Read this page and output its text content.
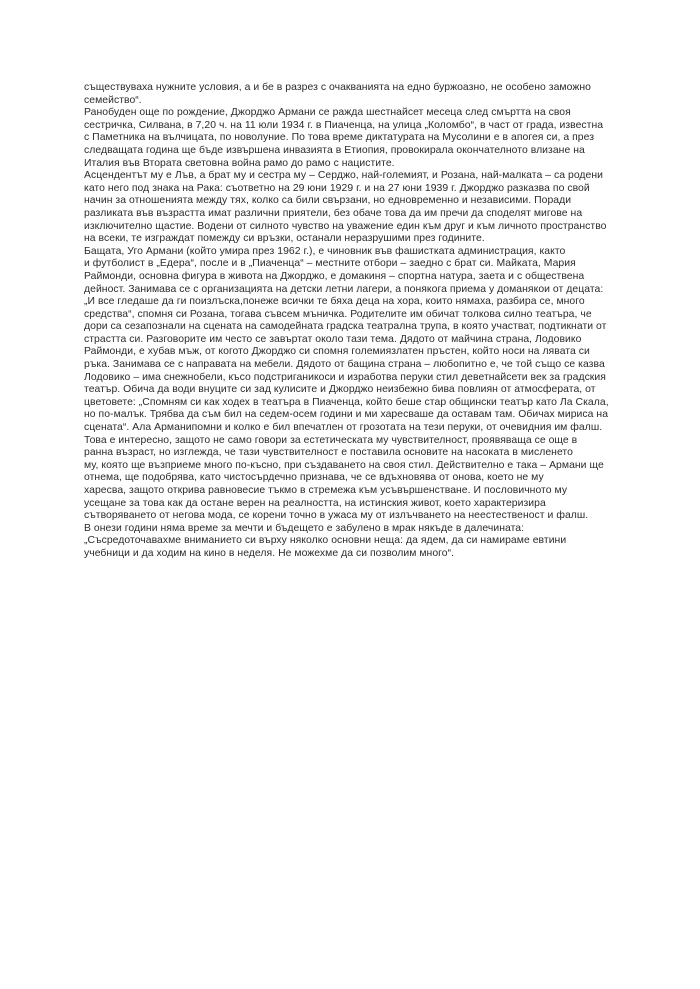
съществуваха нужните условия, а и бе в разрез с очакванията на едно буржоазно, не особено заможно
семейство“.
Ранобуден още по рождение, Джорджо Армани се ражда шестнайсет месеца след смъртта на своя
сестричка, Силвана, в 7,20 ч. на 11 юли 1934 г. в Пиаченца, на улица „Коломбо“, в част от града, известна
с Паметника на вълчицата, по новолуние. По това време диктатурата на Мусолини е в апогея си, а през
следващата година ще бъде извършена инвазията в Етиопия, провокирала окончателното влизане на
Италия във Втората световна война рамо до рамо с нацистите.
Асцендентът му е Лъв, а брат му и сестра му – Серджо, най-големият, и Розана, най-малката – са родени
като него под знака на Рака: съответно на 29 юни 1929 г. и на 27 юни 1939 г. Джорджо разказва по свой
начин за отношенията между тях, колко са били свързани, но едновременно и независими. Поради
разликата във възрастта имат различни приятели, без обаче това да им пречи да споделят мигове на
изключително щастие. Водени от силното чувство на уважение един към друг и към личното пространство
на всеки, те изграждат помежду си връзки, останали неразрушими през годините.
Бащата, Уго Армани (който умира през 1962 г.), е чиновник във фашистката администрация, както
и футболист в „Едера“, после и в „Пиаченца“ – местните отбори – заедно с брат си. Майката, Мария
Раймонди, основна фигура в живота на Джорджо, е домакиня – спортна натура, заета и с обществена
дейност. Занимава се с организацията на детски летни лагери, а понякога приема у доманякои от децата:
„И все гледаше да ги поизлъска,понеже всички те бяха деца на хора, които нямаха, разбира се, много
средства“, спомня си Розана, тогава съвсем мъничка. Родителите им обичат толкова силно театъра, че
дори са сезапознали на сцената на самодейната градска театрална трупа, в която участват, подтикнати от
страстта си. Разговорите им често се завъртат около тази тема. Дядото от майчина страна, Лодовико
Раймонди, е хубав мъж, от когото Джорджо си спомня големиязлатен пръстен, който носи на лявата си
ръка. Занимава се с направата на мебели. Дядото от бащина страна – любопитно е, че той също се казва
Лодовико – има снежнобели, късо подстриганикоси и изработва перуки стил деветнайсети век за градския
театър. Обича да води внуците си зад кулисите и Джорджо неизбежно бива повлиян от атмосферата, от
цветовете: „Спомням си как ходех в театъра в Пиаченца, който беше стар общински театър като Ла Скала,
но по-малък. Трябва да съм бил на седем-осем години и ми харесваше да оставам там. Обичах мириса на
сцената“. Ала Арманипомни и колко е бил впечатлен от грозотата на тези перуки, от очевидния им фалш.
Това е интересно, защото не само говори за естетическата му чувствителност, проявяваща се още в
ранна възраст, но изглежда, че тази чувствителност е поставила основите на насоката в мисленето
му, която ще възприеме много по-късно, при създаването на своя стил. Действително е така – Армани ще
отнема, ще подобрява, като чистосърдечно признава, че се вдъхновява от онова, което не му
харесва, защото открива равновесие тъкмо в стремежа към усъвършенстване. И пословичното му
усещане за това как да остане верен на реалността, на истинския живот, което характеризира
сътворяването от негова мода, се корени точно в ужаса му от излъчването на неестественост и фалш.
В онези години няма време за мечти и бъдещето е забулено в мрак някъде в далечината:
„Съсредоточавахме вниманието си върху няколко основни неща: да ядем, да си намираме евтини
учебници и да ходим на кино в неделя. Не можехме да си позволим много“.
